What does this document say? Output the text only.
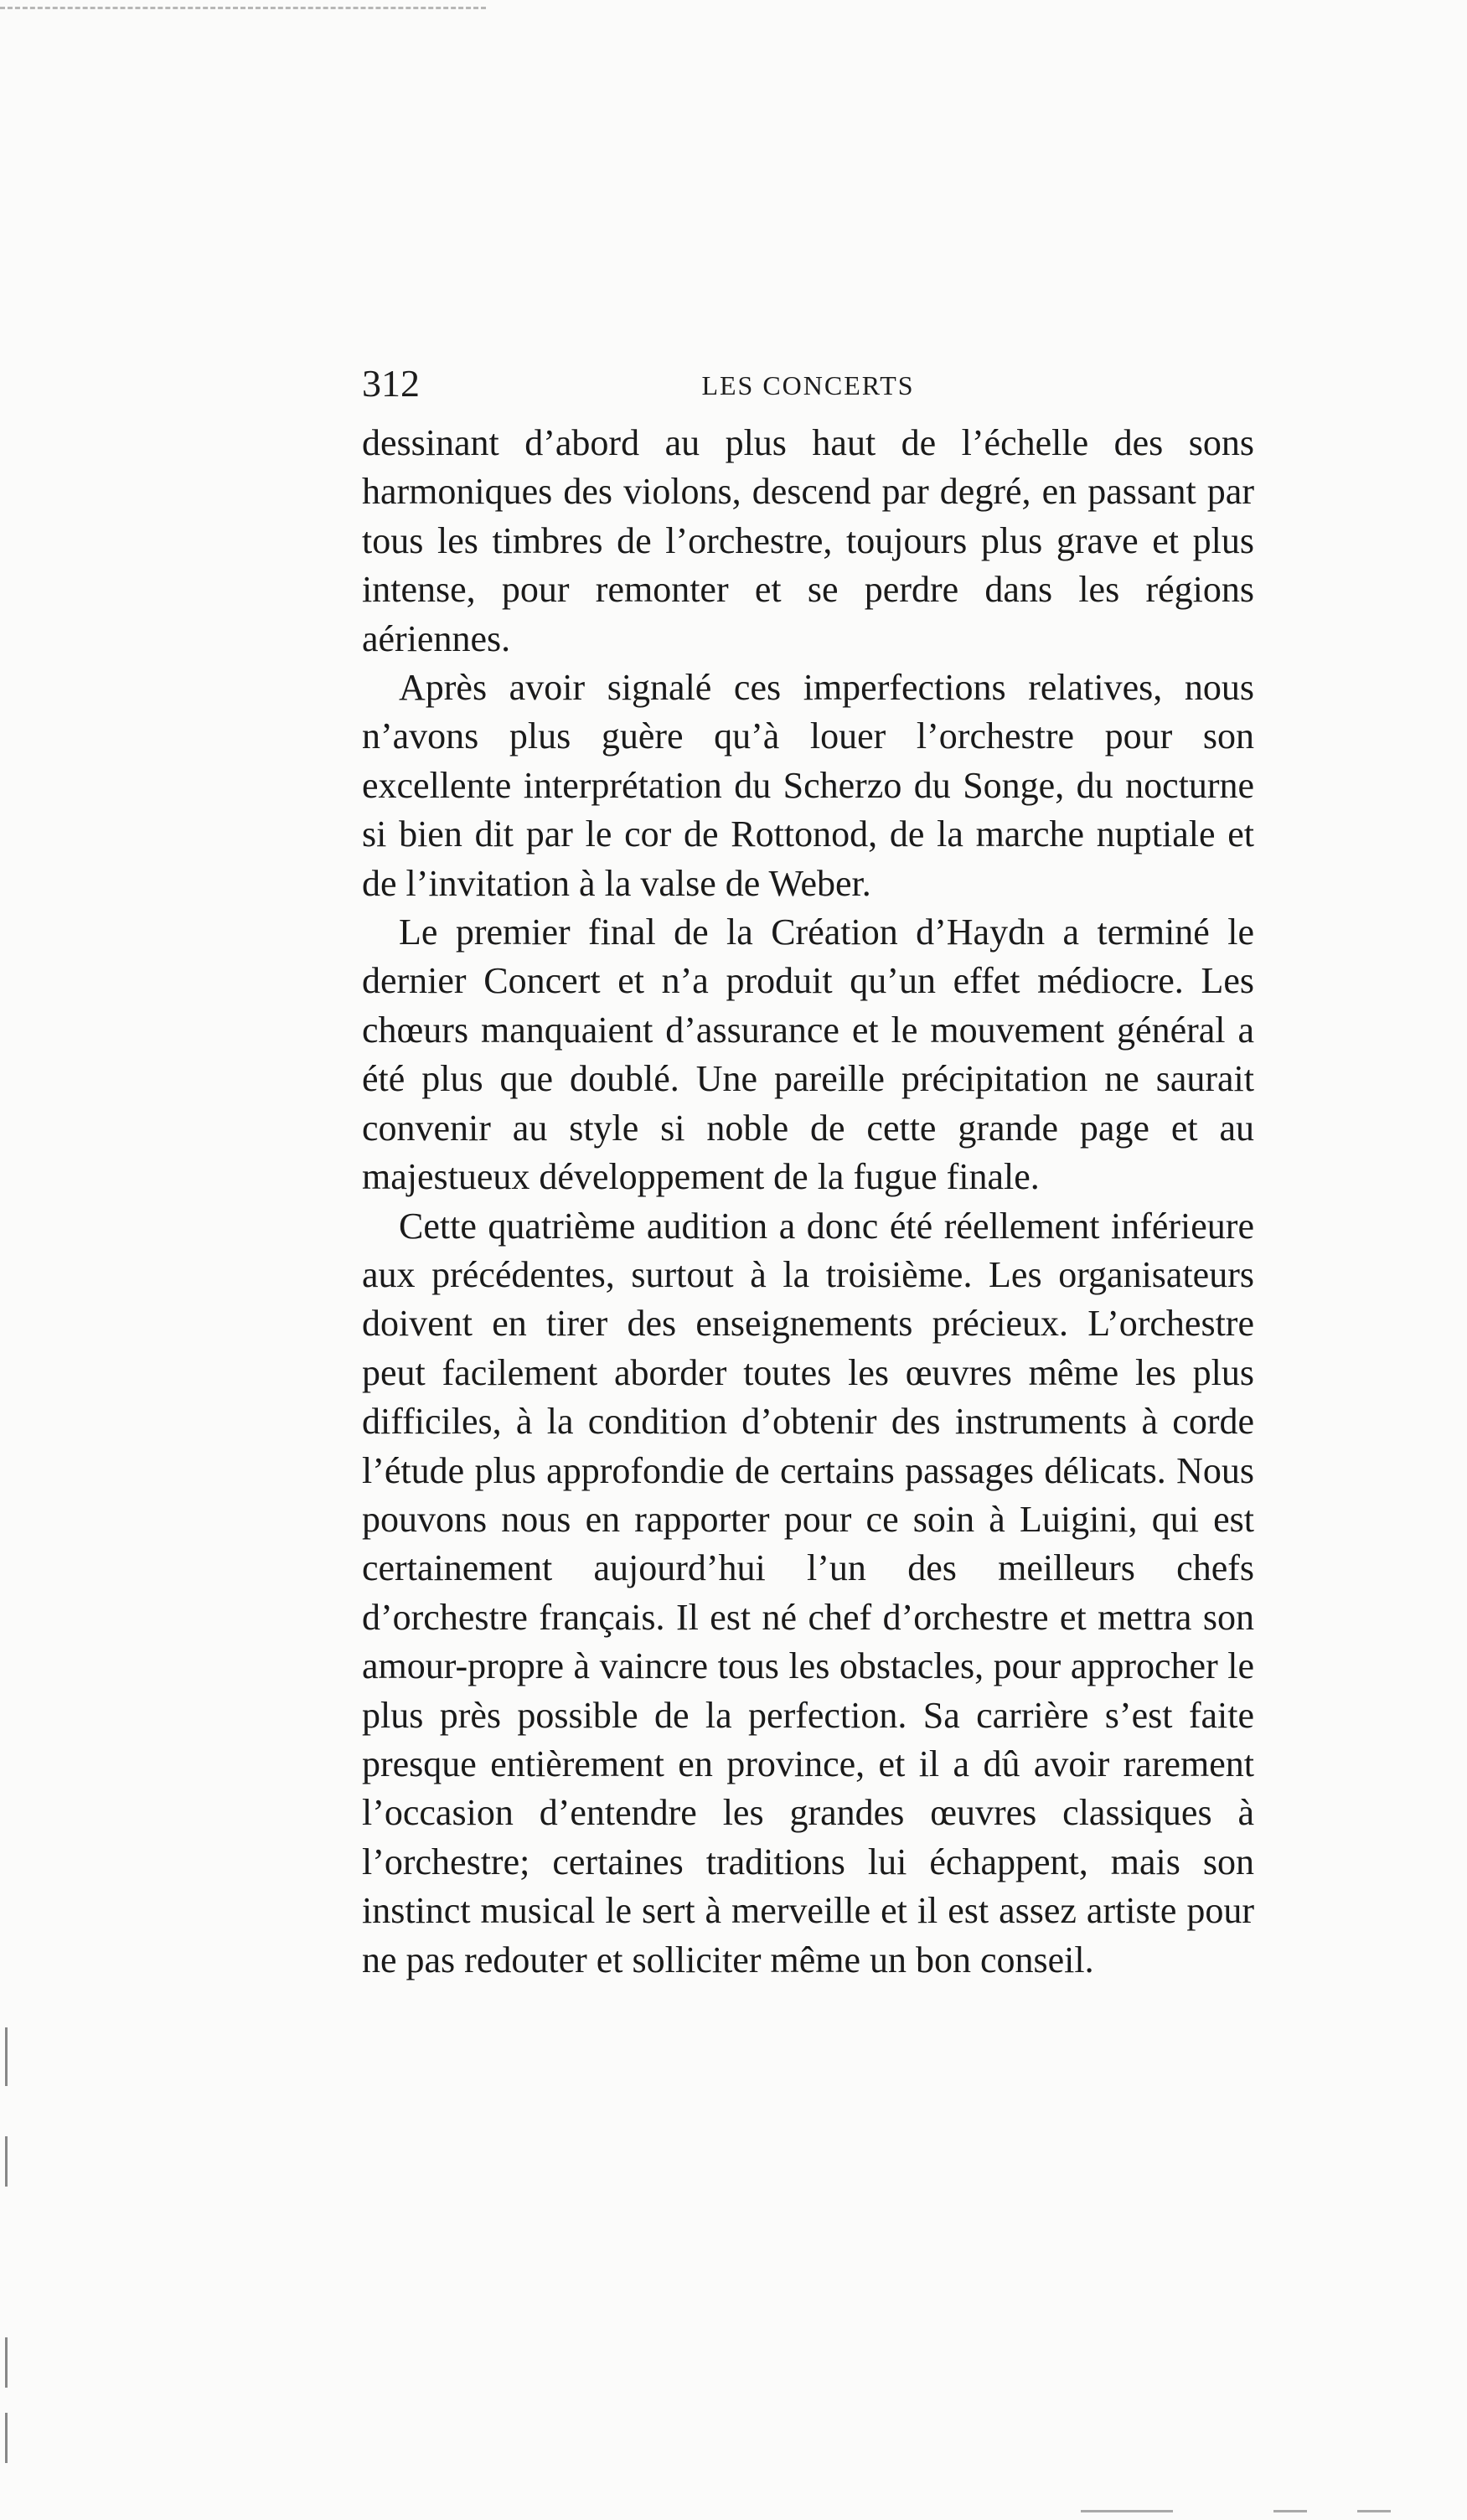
312	LES CONCERTS

dessinant d’abord au plus haut de l’échelle des sons harmoniques des violons, descend par degré, en passant par tous les timbres de l’orchestre, toujours plus grave et plus intense, pour remonter et se perdre dans les régions aériennes.

Après avoir signalé ces imperfections relatives, nous n’avons plus guère qu’à louer l’orchestre pour son excellente interprétation du Scherzo du Songe, du nocturne si bien dit par le cor de Rottonod, de la marche nuptiale et de l’invitation à la valse de Weber.

Le premier final de la Création d’Haydn a terminé le dernier Concert et n’a produit qu’un effet médiocre. Les chœurs manquaient d’assurance et le mouvement général a été plus que doublé. Une pareille précipitation ne saurait convenir au style si noble de cette grande page et au majestueux développement de la fugue finale.

Cette quatrième audition a donc été réellement inférieure aux précédentes, surtout à la troisième. Les organisateurs doivent en tirer des enseignements précieux. L’orchestre peut facilement aborder toutes les œuvres même les plus difficiles, à la condition d’obtenir des instruments à corde l’étude plus approfondie de certains passages délicats. Nous pouvons nous en rapporter pour ce soin à Luigini, qui est certainement aujourd’hui l’un des meilleurs chefs d’orchestre français. Il est né chef d’orchestre et mettra son amour-propre à vaincre tous les obstacles, pour approcher le plus près possible de la perfection. Sa carrière s’est faite presque entièrement en province, et il a dû avoir rarement l’occasion d’entendre les grandes œuvres classiques à l’orchestre; certaines traditions lui échappent, mais son instinct musical le sert à merveille et il est assez artiste pour ne pas redouter et solliciter même un bon conseil.
